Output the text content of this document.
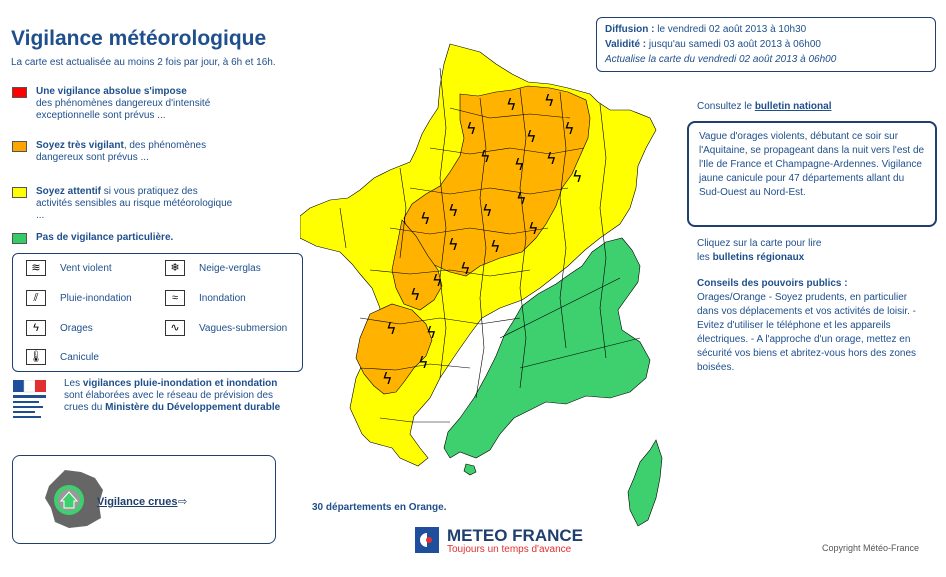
Vigilance météorologique
La carte est actualisée au moins 2 fois par jour, à 6h et 16h.
Une vigilance absolue s'impose
des phénomènes dangereux d'intensité exceptionnelle sont prévus ...
Soyez très vigilant, des phénomènes dangereux sont prévus ...
Soyez attentif si vous pratiquez des activités sensibles au risque météorologique ...
Pas de vigilance particulière.
≋	Vent violent	❄	Neige-verglas
⫽	Pluie-inondation	≈	Inondation
ϟ	Orages	∿	Vagues-submersion
🌡	Canicule
Les vigilances pluie-inondation et inondation sont élaborées avec le réseau de prévision des crues du Ministère du Développement durable
Vigilance crues ⇨
Diffusion : le vendredi 02 août 2013 à 10h30
Validité : jusqu'au samedi 03 août 2013 à 06h00
Actualise la carte du vendredi 02 août 2013 à 06h00
Consultez le bulletin national
Vague d'orages violents, débutant ce soir sur l'Aquitaine, se propageant dans la nuit vers l'est de l'Ile de France et Champagne-Ardennes. Vigilance jaune canicule pour 47 départements allant du Sud-Ouest au Nord-Est.
Cliquez sur la carte pour lire
les bulletins régionaux
Conseils des pouvoirs publics :
Orages/Orange - Soyez prudents, en particulier dans vos déplacements et vos activités de loisir. - Evitez d'utiliser le téléphone et les appareils électriques. - A l'approche d'un orage, mettez en sécurité vos biens et abritez-vous hors des zones boisées.
ϟ ϟ
ϟ
ϟ
ϟ
ϟ ϟ ϟ
ϟ
ϟ ϟ
ϟ
ϟ
ϟ
ϟ ϟ
ϟ
ϟ
ϟ
ϟ ϟ
ϟ
ϟ
30 départements en Orange.
METEO FRANCE
Toujours un temps d'avance	Copyright Météo-France
